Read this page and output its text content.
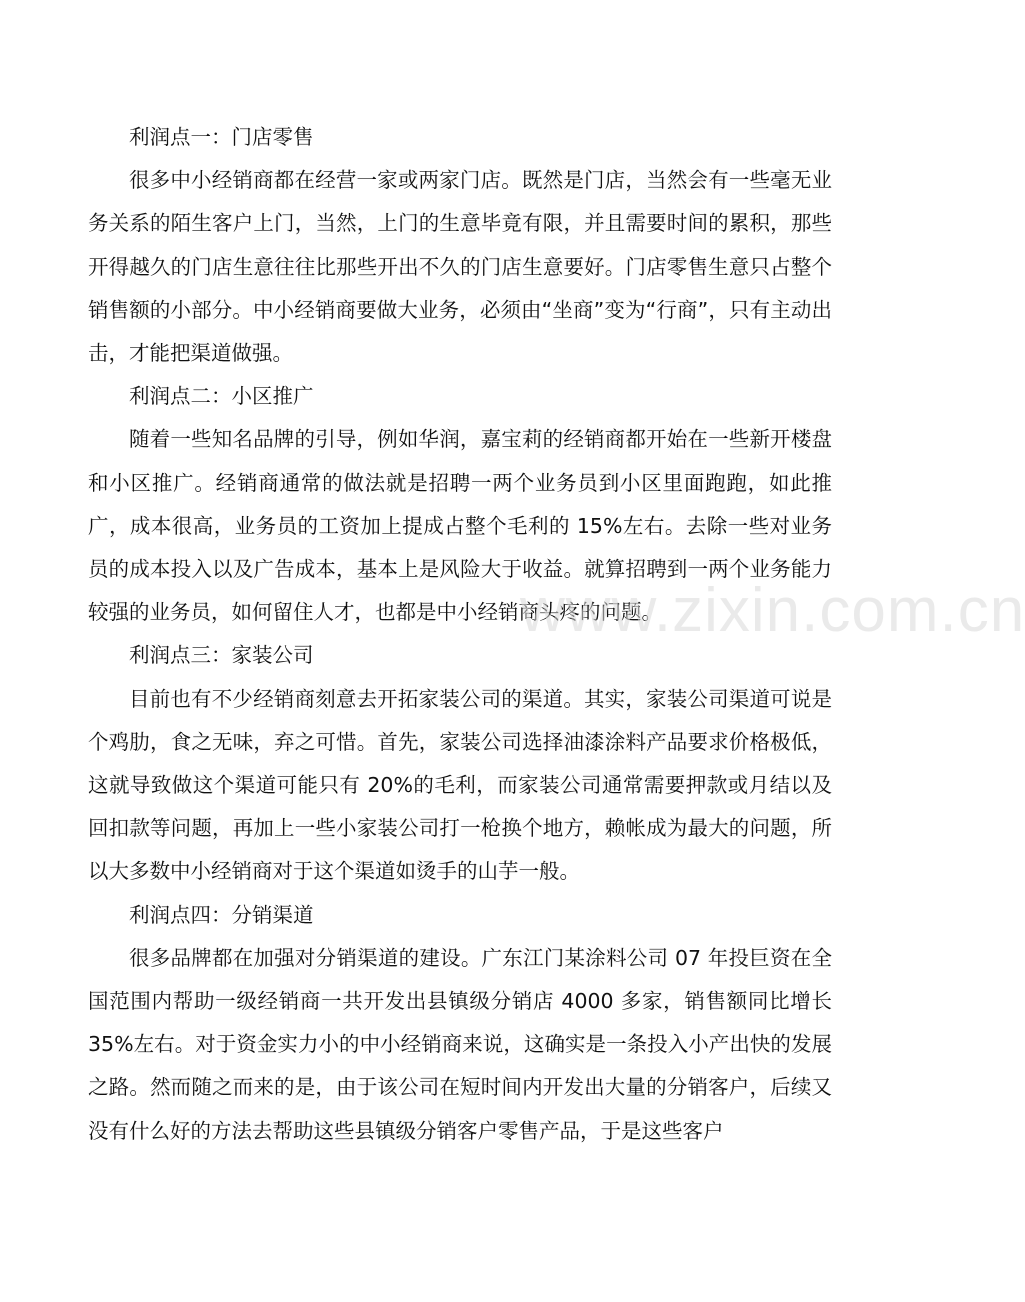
利润点一：门店零售

很多中小经销商都在经营一家或两家门店。既然是门店，当然会有一些毫无业务关系的陌生客户上门，当然，上门的生意毕竟有限，并且需要时间的累积，那些开得越久的门店生意往往比那些开出不久的门店生意要好。门店零售生意只占整个销售额的小部分。中小经销商要做大业务，必须由“坐商”变为“行商”，只有主动出击，才能把渠道做强。

利润点二：小区推广

随着一些知名品牌的引导，例如华润，嘉宝莉的经销商都开始在一些新开楼盘和小区推广。经销商通常的做法就是招聘一两个业务员到小区里面跑跑，如此推广，成本很高，业务员的工资加上提成占整个毛利的 15%左右。去除一些对业务员的成本投入以及广告成本，基本上是风险大于收益。就算招聘到一两个业务能力较强的业务员，如何留住人才，也都是中小经销商头疼的问题。

利润点三：家装公司

目前也有不少经销商刻意去开拓家装公司的渠道。其实，家装公司渠道可说是个鸡肋，食之无味，弃之可惜。首先，家装公司选择油漆涂料产品要求价格极低，这就导致做这个渠道可能只有 20%的毛利，而家装公司通常需要押款或月结以及回扣款等问题，再加上一些小家装公司打一枪换个地方，赖帐成为最大的问题，所以大多数中小经销商对于这个渠道如烫手的山芋一般。

利润点四：分销渠道

很多品牌都在加强对分销渠道的建设。广东江门某涂料公司 07 年投巨资在全国范围内帮助一级经销商一共开发出县镇级分销店 4000 多家，销售额同比增长 35%左右。对于资金实力小的中小经销商来说，这确实是一条投入小产出快的发展之路。然而随之而来的是，由于该公司在短时间内开发出大量的分销客户，后续又没有什么好的方法去帮助这些县镇级分销客户零售产品，于是这些客户

www.zixin.com.cn
